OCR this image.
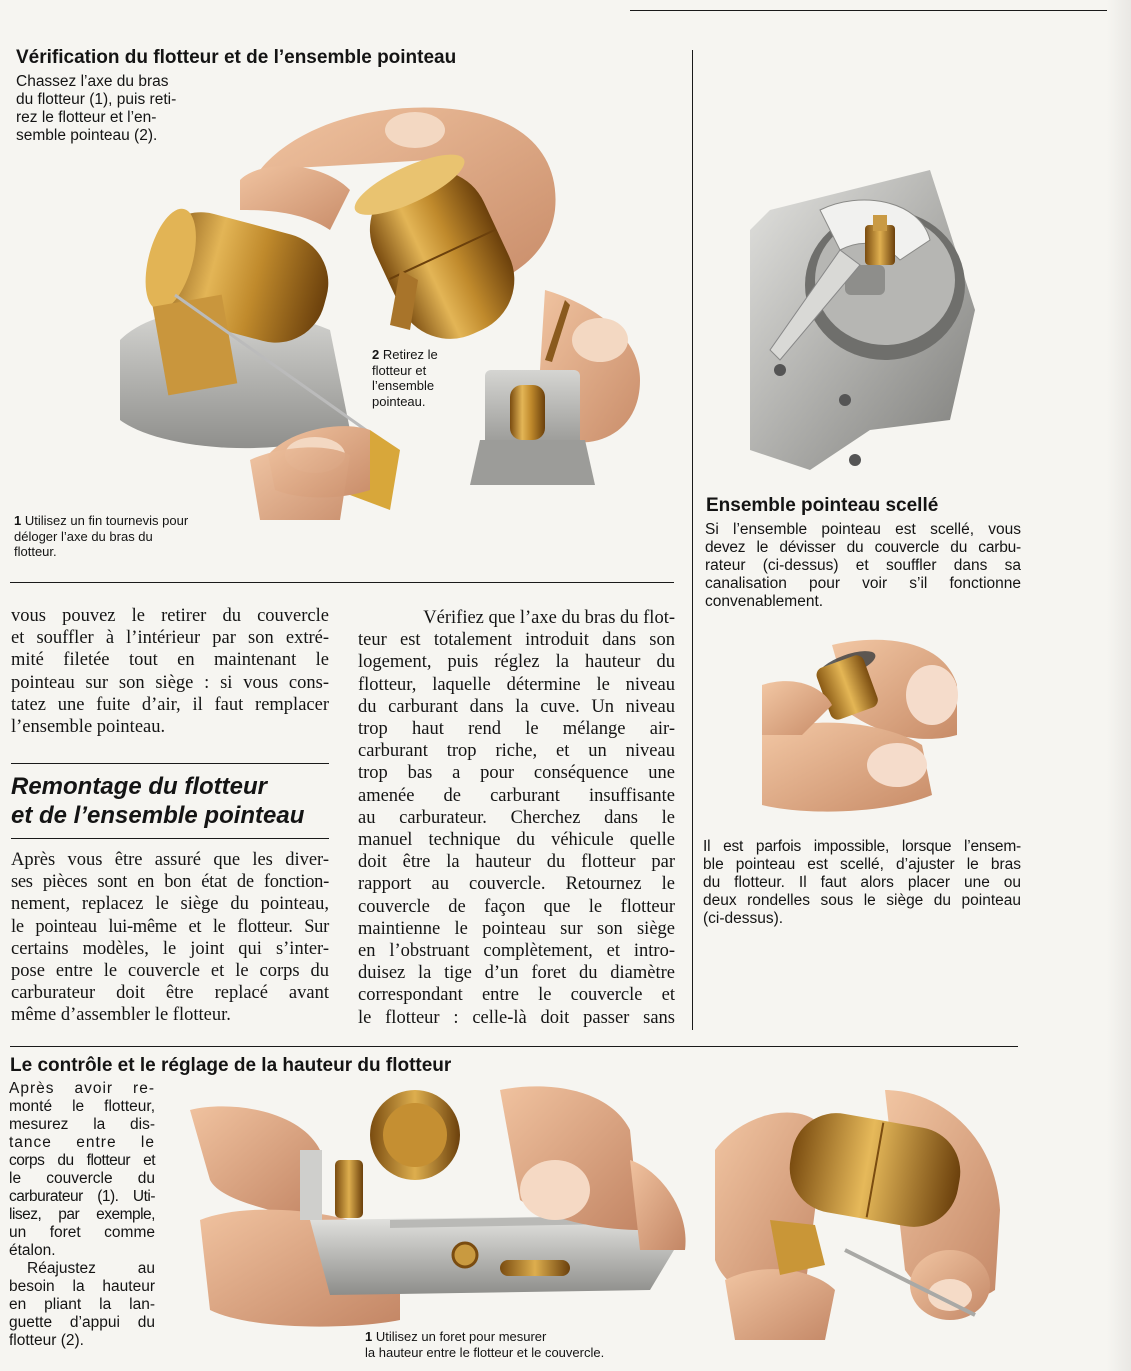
Vérification du flotteur et de l’ensemble pointeau

Chassez l’axe du bras

du flotteur (1), puis reti-

rez le flotteur et l’en-

semble pointeau (2).

2 Retirez le

flotteur et

l’ensemble

pointeau.

1 Utilisez un fin tournevis pour

déloger l’axe du bras du

flotteur.

vous pouvez le retirer du couvercle

et souffler à l’intérieur par son extré-

mité filetée tout en maintenant le

pointeau sur son siège : si vous cons-

tatez une fuite d’air, il faut remplacer

l’ensemble pointeau.

Remontage du flotteur
et de l’ensemble pointeau

Après vous être assuré que les diver-

ses pièces sont en bon état de fonction-

nement, replacez le siège du pointeau,

le pointeau lui-même et le flotteur. Sur

certains modèles, le joint qui s’inter-

pose entre le couvercle et le corps du

carburateur doit être replacé avant

même d’assembler le flotteur.

Vérifiez que l’axe du bras du flot-

teur est totalement introduit dans son

logement, puis réglez la hauteur du

flotteur, laquelle détermine le niveau

du carburant dans la cuve. Un niveau

trop haut rend le mélange air-

carburant trop riche, et un niveau

trop bas a pour conséquence une

amenée de carburant insuffisante

au carburateur. Cherchez dans le

manuel technique du véhicule quelle

doit être la hauteur du flotteur par

rapport au couvercle. Retournez le

couvercle de façon que le flotteur

maintienne le pointeau sur son siège

en l’obstruant complètement, et intro-

duisez la tige d’un foret du diamètre

correspondant entre le couvercle et

le flotteur : celle-là doit passer sans

Ensemble pointeau scellé

Si l’ensemble pointeau est scellé, vous

devez le dévisser du couvercle du carbu-

rateur (ci-dessus) et souffler dans sa

canalisation pour voir s’il fonctionne

convenablement.

Il est parfois impossible, lorsque l’ensem-

ble pointeau est scellé, d’ajuster le bras

du flotteur. Il faut alors placer une ou

deux rondelles sous le siège du pointeau

(ci-dessus).

Le contrôle et le réglage de la hauteur du flotteur

Après avoir re-

monté le flotteur,

mesurez la dis-

tance entre le

corps du flotteur et

le couvercle du

carburateur (1). Uti-

lisez, par exemple,

un foret comme

étalon.

Réajustez au

besoin la hauteur

en pliant la lan-

guette d’appui du

flotteur (2).	1 Utilisez un foret pour mesurer

la hauteur entre le flotteur et le couvercle.
